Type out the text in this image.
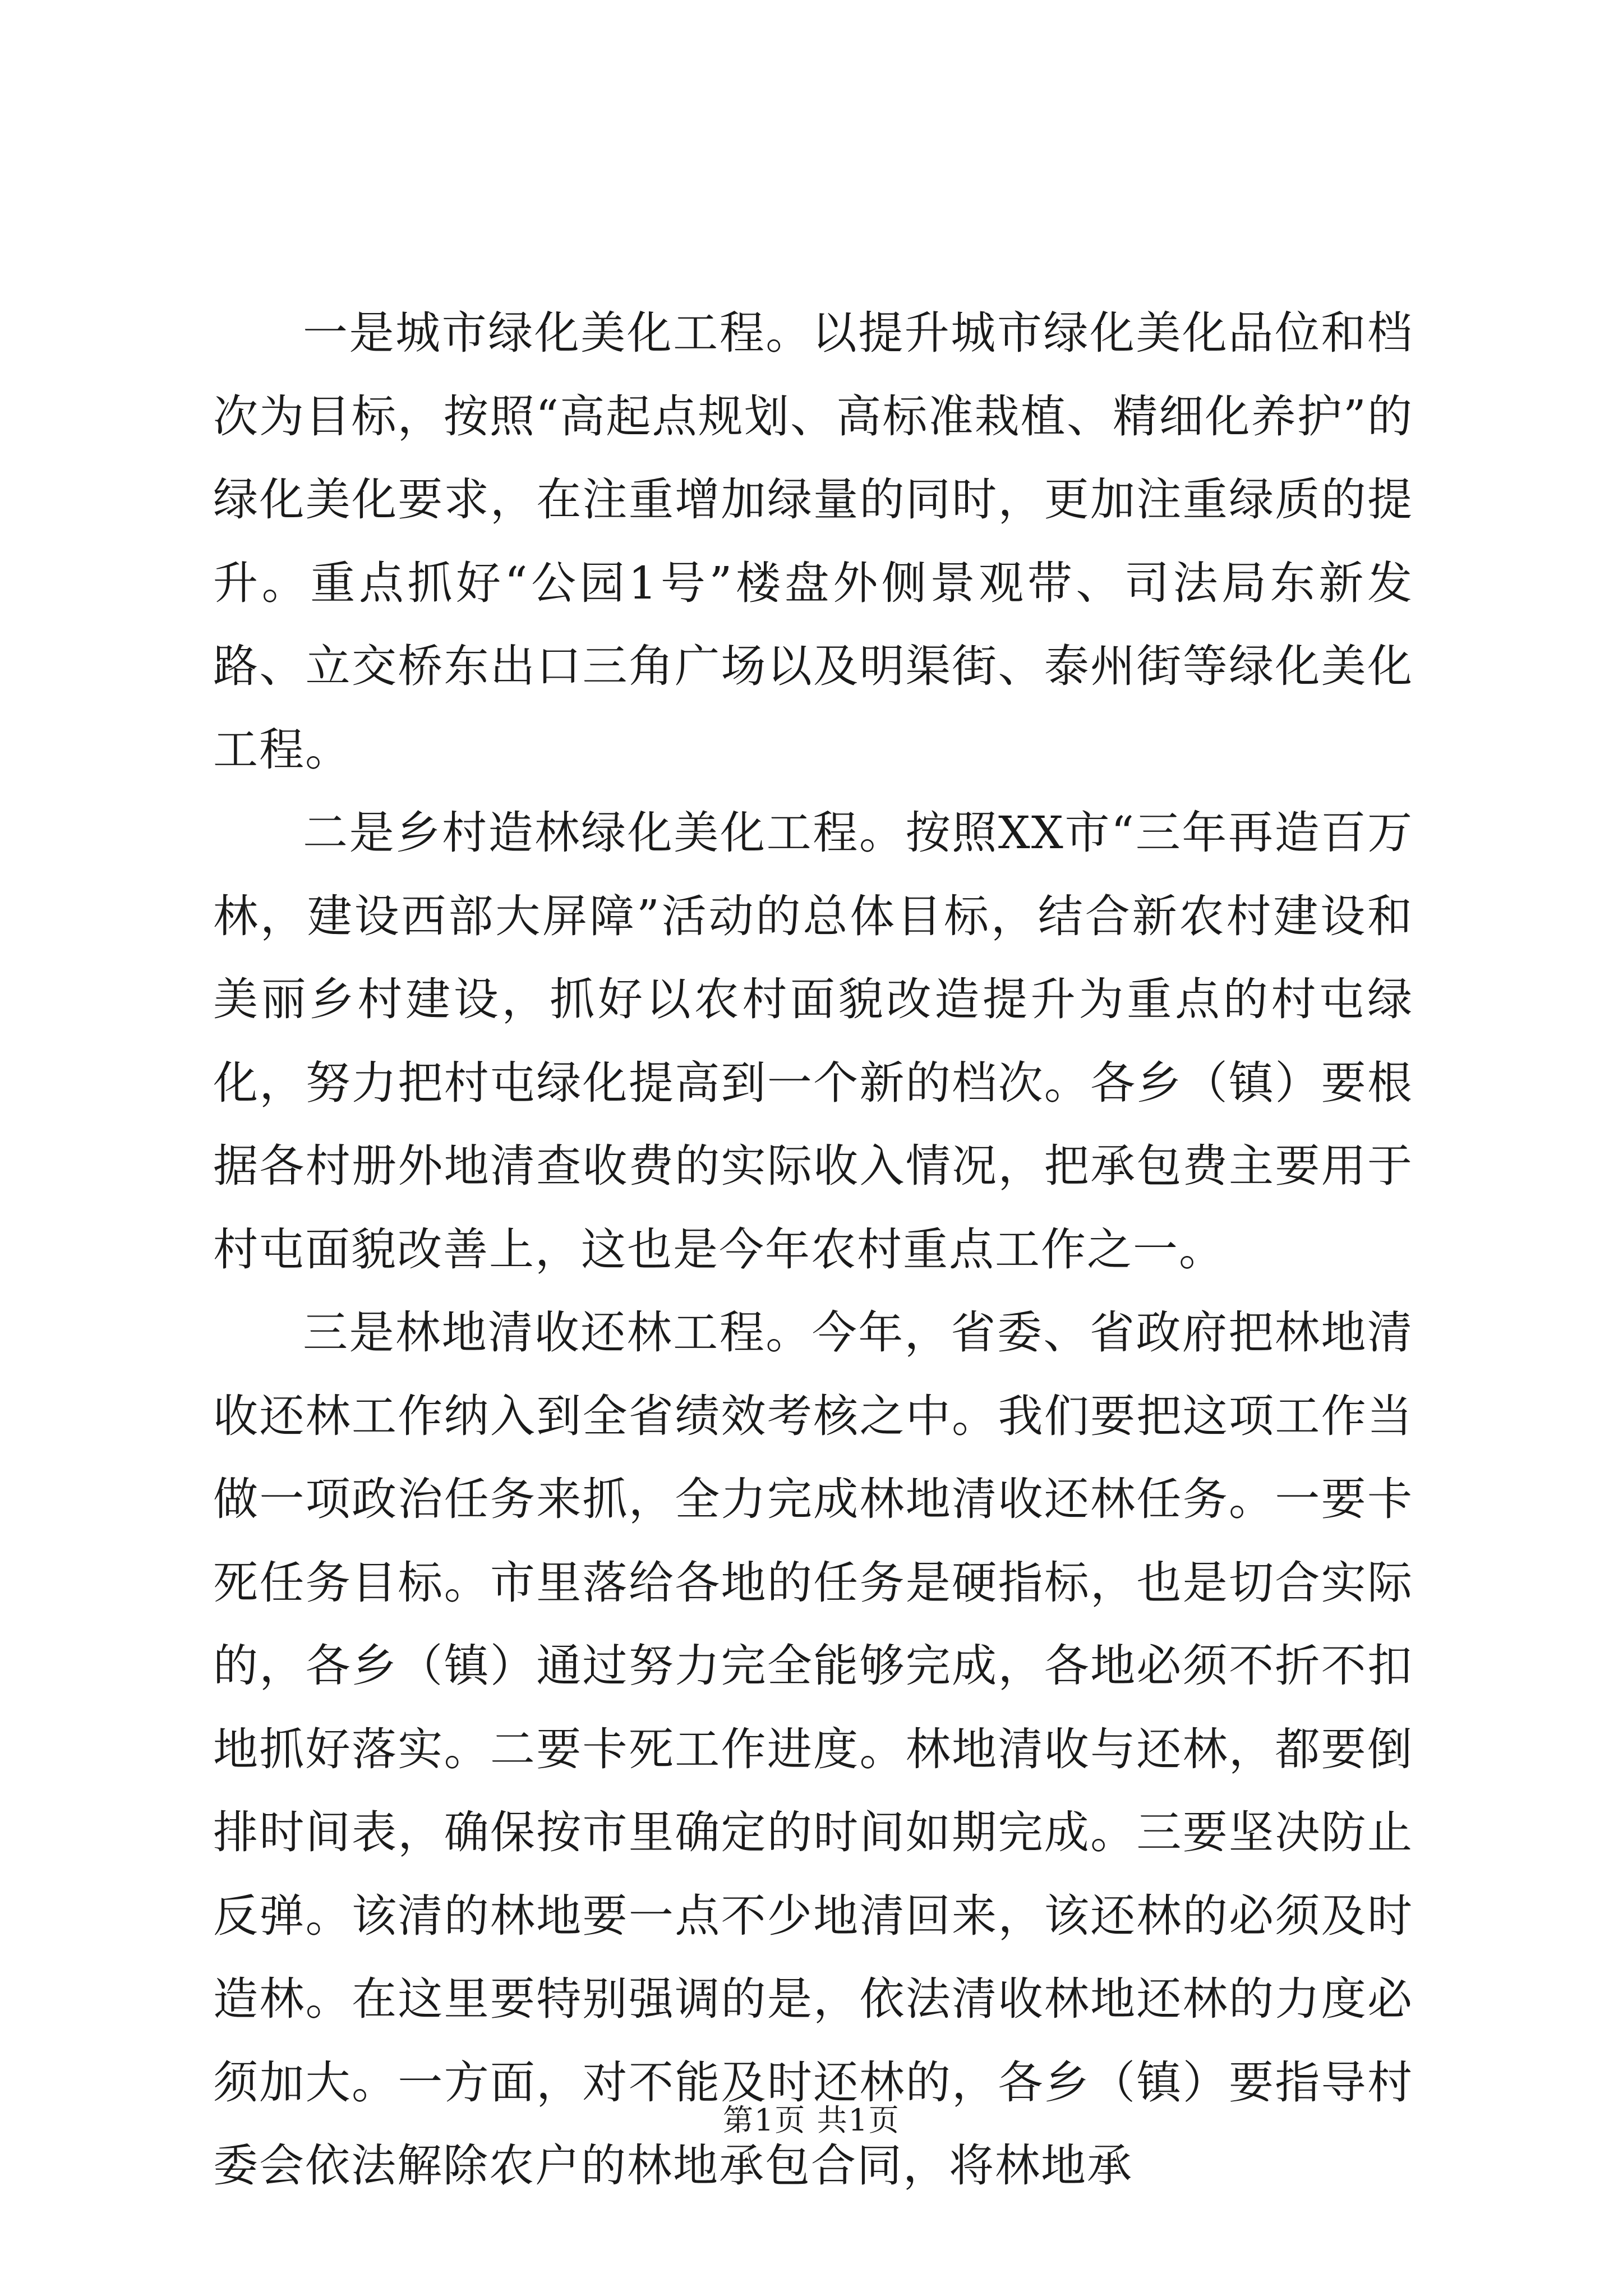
一是城市绿化美化工程。以提升城市绿化美化品位和档次为目标，按照“高起点规划、高标准栽植、精细化养护”的绿化美化要求，在注重增加绿量的同时，更加注重绿质的提升。重点抓好“公园1号”楼盘外侧景观带、司法局东新发路、立交桥东出口三角广场以及明渠街、泰州街等绿化美化工程。

二是乡村造林绿化美化工程。按照XX市“三年再造百万林，建设西部大屏障”活动的总体目标，结合新农村建设和美丽乡村建设，抓好以农村面貌改造提升为重点的村屯绿化，努力把村屯绿化提高到一个新的档次。各乡（镇）要根据各村册外地清查收费的实际收入情况，把承包费主要用于村屯面貌改善上，这也是今年农村重点工作之一。

三是林地清收还林工程。今年，省委、省政府把林地清收还林工作纳入到全省绩效考核之中。我们要把这项工作当做一项政治任务来抓，全力完成林地清收还林任务。一要卡死任务目标。市里落给各地的任务是硬指标，也是切合实际的，各乡（镇）通过努力完全能够完成，各地必须不折不扣地抓好落实。二要卡死工作进度。林地清收与还林，都要倒排时间表，确保按市里确定的时间如期完成。三要坚决防止反弹。该清的林地要一点不少地清回来，该还林的必须及时造林。在这里要特别强调的是，依法清收林地还林的力度必须加大。一方面，对不能及时还林的，各乡（镇）要指导村委会依法解除农户的林地承包合同，将林地承

第1页 共1页
